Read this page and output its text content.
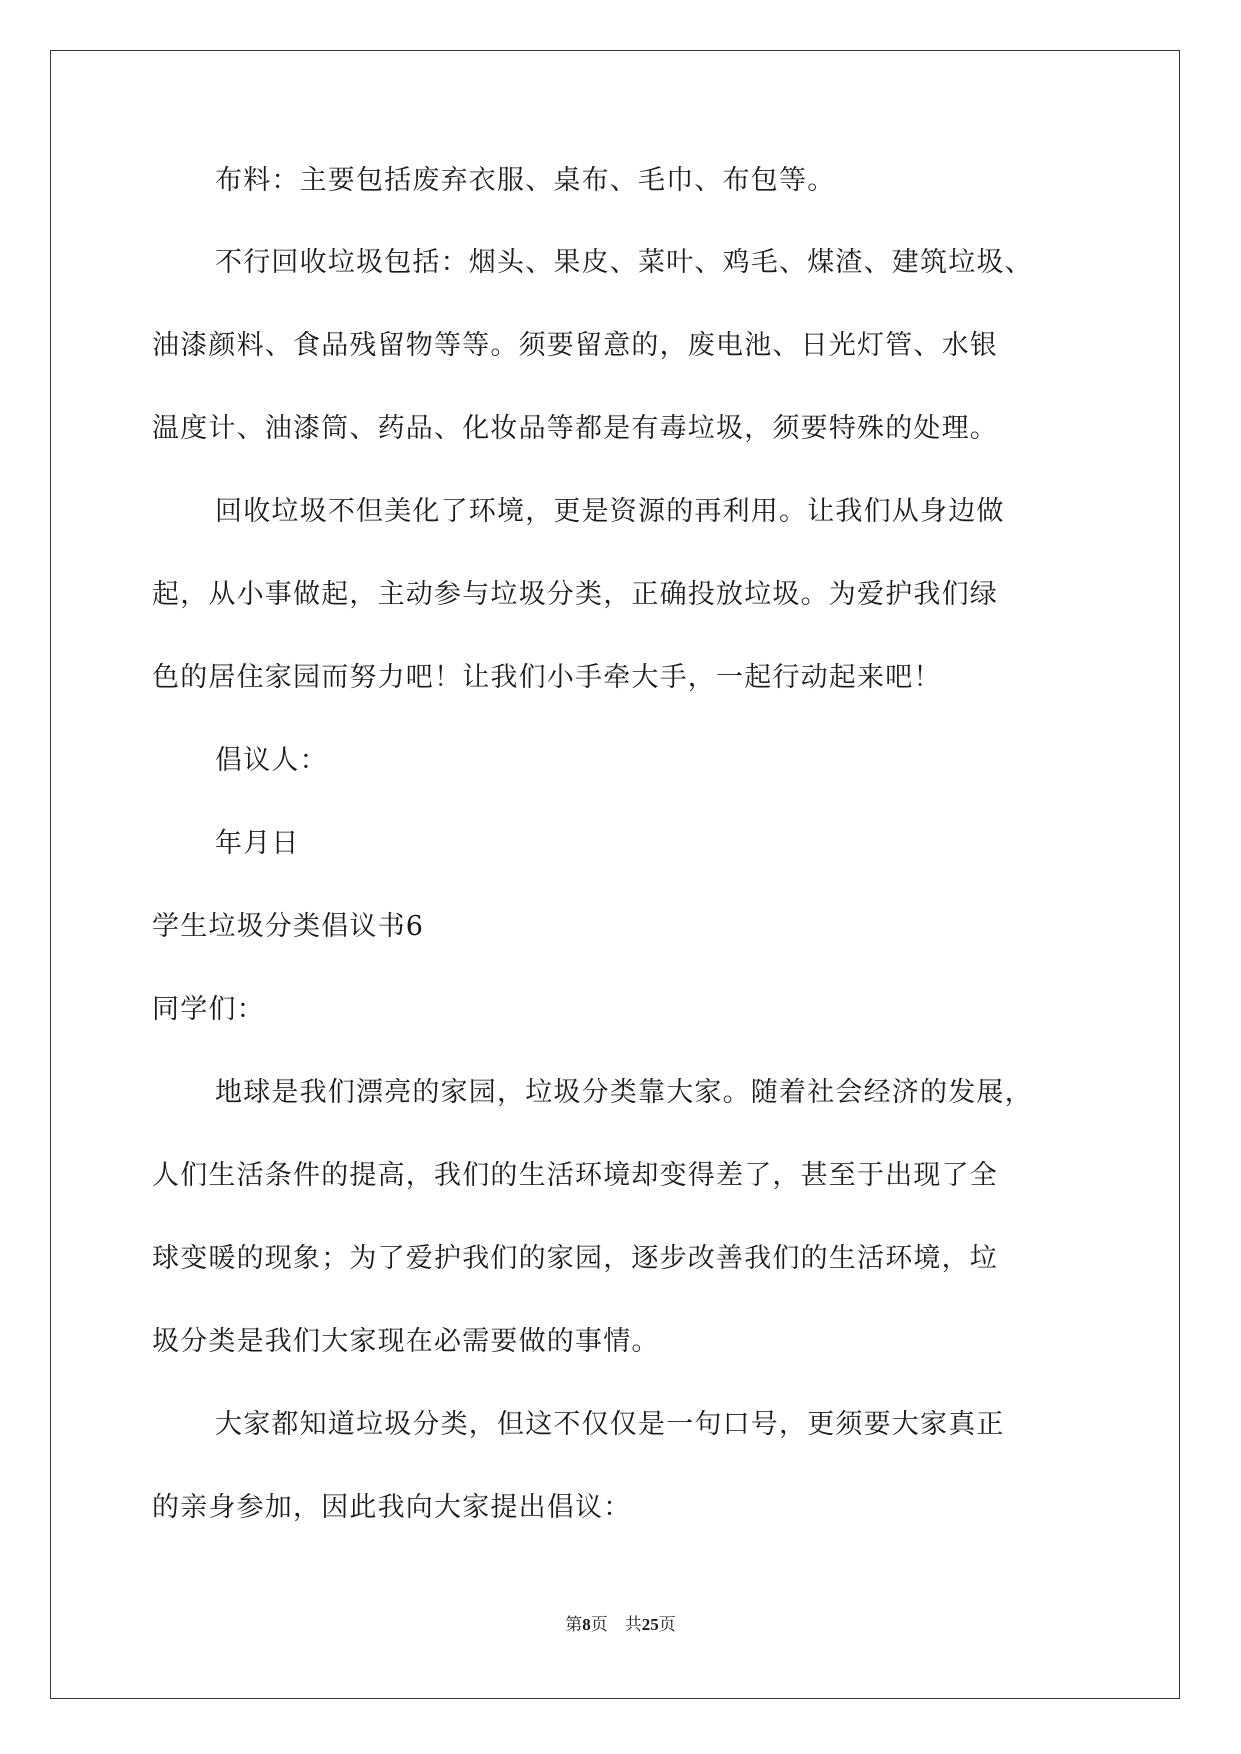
布料：主要包括废弃衣服、桌布、毛巾、布包等。
不行回收垃圾包括：烟头、果皮、菜叶、鸡毛、煤渣、建筑垃圾、
油漆颜料、食品残留物等等。须要留意的，废电池、日光灯管、水银
温度计、油漆筒、药品、化妆品等都是有毒垃圾，须要特殊的处理。
回收垃圾不但美化了环境，更是资源的再利用。让我们从身边做
起，从小事做起，主动参与垃圾分类，正确投放垃圾。为爱护我们绿
色的居住家园而努力吧！让我们小手牵大手，一起行动起来吧！
倡议人：
年月日
学生垃圾分类倡议书6
同学们：
地球是我们漂亮的家园，垃圾分类靠大家。随着社会经济的发展，
人们生活条件的提高，我们的生活环境却变得差了，甚至于出现了全
球变暖的现象；为了爱护我们的家园，逐步改善我们的生活环境，垃
圾分类是我们大家现在必需要做的事情。
大家都知道垃圾分类，但这不仅仅是一句口号，更须要大家真正
的亲身参加，因此我向大家提出倡议：
第8页 共25页
